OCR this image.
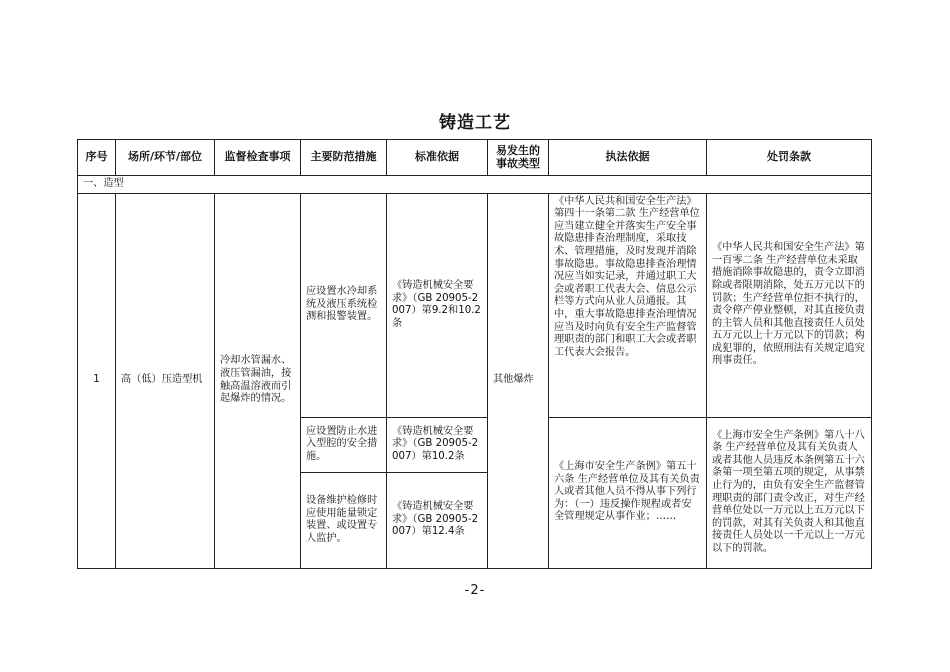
铸造工艺
序号	场所/环节/部位	监督检查事项	主要防范措施	标准依据	易发生的事故类型	执法依据	处罚条款
一、造型							
1	高（低）压造型机	冷却水管漏水、液压管漏油，接触高温溶液而引起爆炸的情况。	应设置水冷却系统及液压系统检测和报警装置。	《铸造机械安全要求》（GB 20905-2007）第9.2和10.2条	其他爆炸	《中华人民共和国安全生产法》第四十一条第二款 生产经营单位应当建立健全并落实生产安全事故隐患排查治理制度，采取技术、管理措施，及时发现并消除事故隐患。事故隐患排查治理情况应当如实记录，并通过职工大会或者职工代表大会、信息公示栏等方式向从业人员通报。其中，重大事故隐患排查治理情况应当及时向负有安全生产监督管理职责的部门和职工大会或者职工代表大会报告。	《中华人民共和国安全生产法》第一百零二条 生产经营单位未采取措施消除事故隐患的，责令立即消除或者限期消除，处五万元以下的罚款；生产经营单位拒不执行的，责令停产停业整顿，对其直接负责的主管人员和其他直接责任人员处五万元以上十万元以下的罚款；构成犯罪的，依照刑法有关规定追究刑事责任。
			应设置防止水进入型腔的安全措施。	《铸造机械安全要求》（GB 20905-2007）第10.2条		《上海市安全生产条例》第五十六条 生产经营单位及其有关负责人或者其他人员不得从事下列行为：（一）违反操作规程或者安全管理规定从事作业；……	《上海市安全生产条例》第八十八条 生产经营单位及其有关负责人或者其他人员违反本条例第五十六条第一项至第五项的规定，从事禁止行为的，由负有安全生产监督管理职责的部门责令改正，对生产经营单位处以一万元以上五万元以下的罚款，对其有关负责人和其他直接责任人员处以一千元以上一万元以下的罚款。
			设备维护检修时应使用能量锁定装置、或设置专人监护。	《铸造机械安全要求》（GB 20905-2007）第12.4条			
-2-
